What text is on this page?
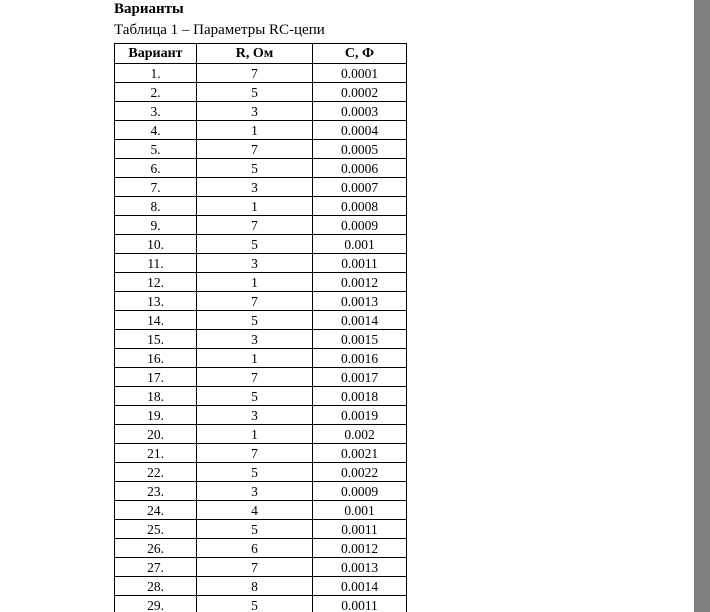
Варианты
Таблица 1 – Параметры RC-цепи
Вариант	R, Ом	C, Ф
1.	7	0.0001
2.	5	0.0002
3.	3	0.0003
4.	1	0.0004
5.	7	0.0005
6.	5	0.0006
7.	3	0.0007
8.	1	0.0008
9.	7	0.0009
10.	5	0.001
11.	3	0.0011
12.	1	0.0012
13.	7	0.0013
14.	5	0.0014
15.	3	0.0015
16.	1	0.0016
17.	7	0.0017
18.	5	0.0018
19.	3	0.0019
20.	1	0.002
21.	7	0.0021
22.	5	0.0022
23.	3	0.0009
24.	4	0.001
25.	5	0.0011
26.	6	0.0012
27.	7	0.0013
28.	8	0.0014
29.	5	0.0011
